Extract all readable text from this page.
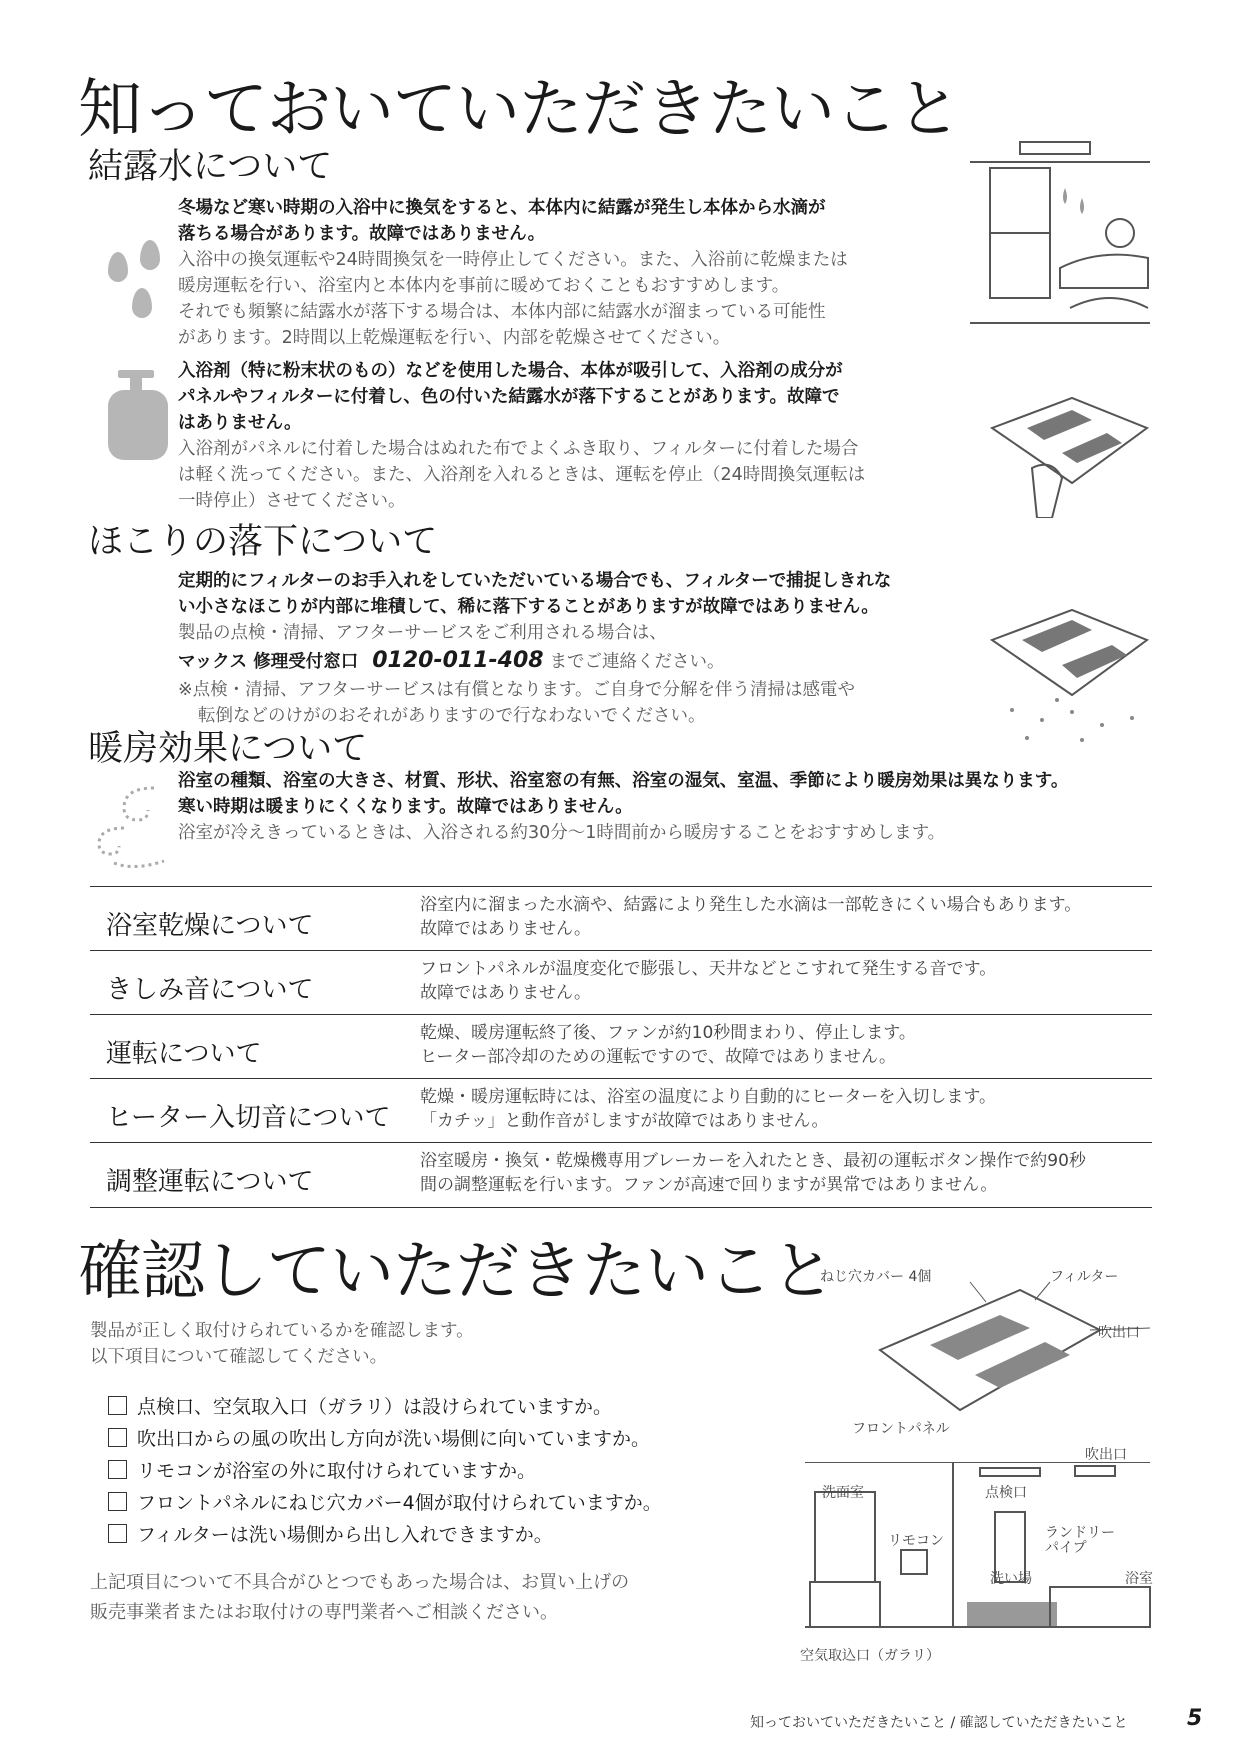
知っておいていただきたいこと
結露水について
冬場など寒い時期の入浴中に換気をすると、本体内に結露が発生し本体から水滴が
落ちる場合があります。故障ではありません。
入浴中の換気運転や24時間換気を一時停止してください。また、入浴前に乾燥または
暖房運転を行い、浴室内と本体内を事前に暖めておくこともおすすめします。
それでも頻繁に結露水が落下する場合は、本体内部に結露水が溜まっている可能性
があります。2時間以上乾燥運転を行い、内部を乾燥させてください。
入浴剤（特に粉末状のもの）などを使用した場合、本体が吸引して、入浴剤の成分が
パネルやフィルターに付着し、色の付いた結露水が落下することがあります。故障で
はありません。
入浴剤がパネルに付着した場合はぬれた布でよくふき取り、フィルターに付着した場合
は軽く洗ってください。また、入浴剤を入れるときは、運転を停止（24時間換気運転は
一時停止）させてください。
ほこりの落下について
定期的にフィルターのお手入れをしていただいている場合でも、フィルターで捕捉しきれな
い小さなほこりが内部に堆積して、稀に落下することがありますが故障ではありません。
製品の点検・清掃、アフターサービスをご利用される場合は、
マックス 修理受付窓口 0120-011-408 までご連絡ください。
※点検・清掃、アフターサービスは有償となります。ご自身で分解を伴う清掃は感電や
転倒などのけがのおそれがありますので行なわないでください。
暖房効果について
浴室の種類、浴室の大きさ、材質、形状、浴室窓の有無、浴室の湿気、室温、季節により暖房効果は異なります。
寒い時期は暖まりにくくなります。故障ではありません。
浴室が冷えきっているときは、入浴される約30分～1時間前から暖房することをおすすめします。
浴室乾燥について
浴室内に溜まった水滴や、結露により発生した水滴は一部乾きにくい場合もあります。
故障ではありません。
きしみ音について
フロントパネルが温度変化で膨張し、天井などとこすれて発生する音です。
故障ではありません。
運転について
乾燥、暖房運転終了後、ファンが約10秒間まわり、停止します。
ヒーター部冷却のための運転ですので、故障ではありません。
ヒーター入切音について
乾燥・暖房運転時には、浴室の温度により自動的にヒーターを入切します。
「カチッ」と動作音がしますが故障ではありません。
調整運転について
浴室暖房・換気・乾燥機専用ブレーカーを入れたとき、最初の運転ボタン操作で約90秒
間の調整運転を行います。ファンが高速で回りますが異常ではありません。
確認していただきたいこと
製品が正しく取付けられているかを確認します。
以下項目について確認してください。
点検口、空気取入口（ガラリ）は設けられていますか。
吹出口からの風の吹出し方向が洗い場側に向いていますか。
リモコンが浴室の外に取付けられていますか。
フロントパネルにねじ穴カバー4個が取付けられていますか。
フィルターは洗い場側から出し入れできますか。
上記項目について不具合がひとつでもあった場合は、お買い上げの
販売事業者またはお取付けの専門業者へご相談ください。
ねじ穴カバー 4個	フィルター
吹出口
フロントパネル
吹出口
洗面室	点検口
リモコン	ランドリー
パイプ
洗い場	浴室
空気取込口（ガラリ）
知っておいていただきたいこと / 確認していただきたいこと	5
